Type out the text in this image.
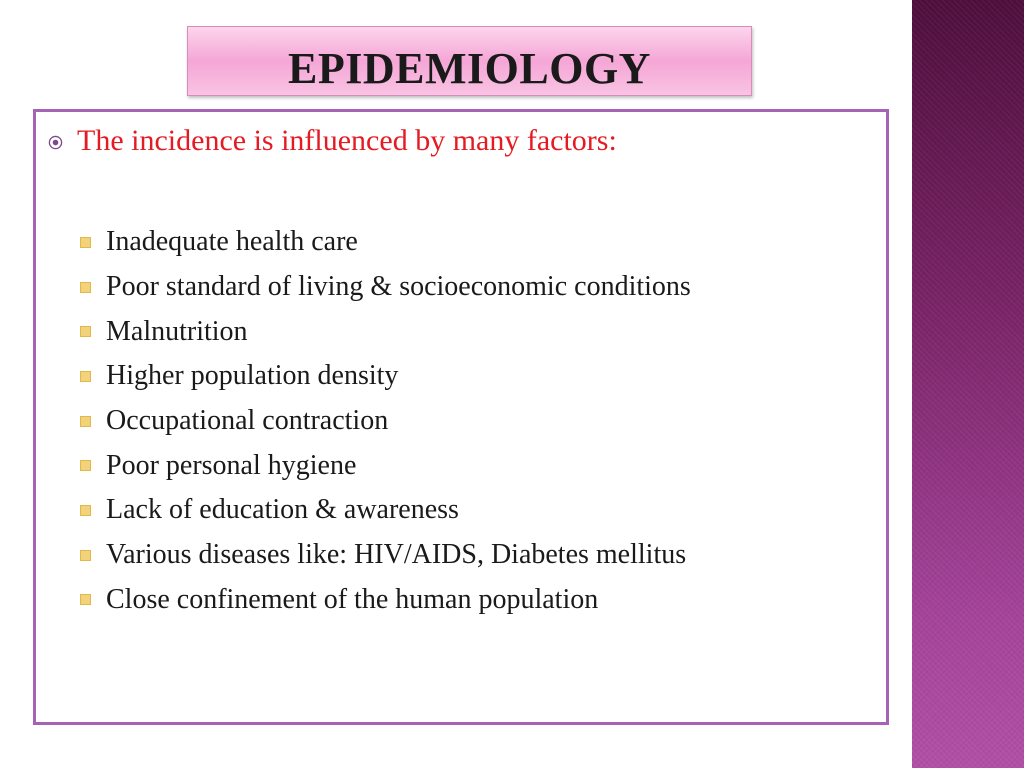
EPIDEMIOLOGY
The incidence is influenced by many factors:
Inadequate health care
Poor standard of living & socioeconomic conditions
Malnutrition
Higher population density
Occupational contraction
Poor personal hygiene
Lack of education & awareness
Various diseases like: HIV/AIDS, Diabetes mellitus
Close confinement of the human population
